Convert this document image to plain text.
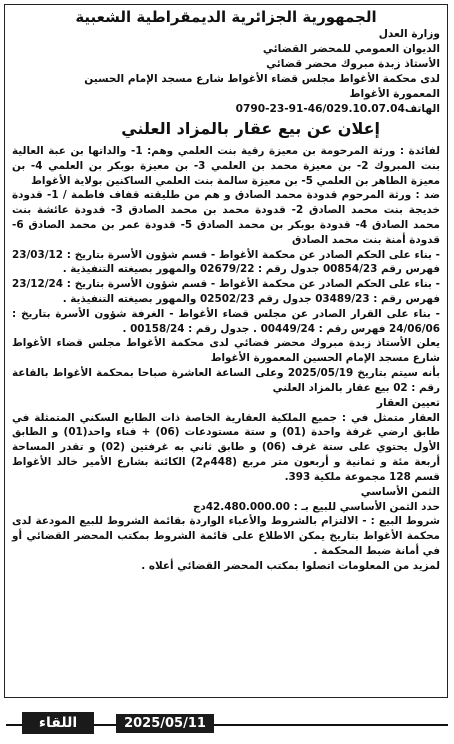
الجمهورية الجزائرية الديمقراطية الشعبية
وزارة العدل
الديوان العمومي للمحضر القضائي
الأستاذ زبدة مبروك محضر قضائي
لدى محكمة الأغواط مجلس قضاء الأغواط شارع مسجد الإمام الحسين
المعمورة الأغواط
الهاتف0790-23-91-46/029.10.07.04
إعلان عن بيع عقار بالمزاد العلني

لفائدة : ورثة المرحومة بن معيزة رقية بنت العلمي وهم: 1- والداتها بن عبة العالية بنت المبروك 2- بن معيزة محمد بن العلمي 3- بن معيزة بوبكر بن العلمي 4- بن معيزة الطاهر بن العلمي 5- بن معيزة سالمة بنت العلمي الساكنين بولاية الأغواط

ضد : ورثة المرحوم قدودة محمد الصادق و هم من طليقته قفاف فاطمة / 1- قدودة خديجة بنت محمد الصادق 2- قدودة محمد بن محمد الصادق 3- قدودة عائشة بنت محمد الصادق 4- قدودة بوبكر بن محمد الصادق 5- قدودة عمر بن محمد الصادق 6- قدودة أمنة بنت محمد الصادق

- بناء على الحكم الصادر عن محكمة الأغواط - قسم شؤون الأسرة بتاريخ : 23/03/12 فهرس رقم 00854/23 جدول رقم : 02679/22 والمهور بصيغته التنفيذية .

- بناء على الحكم الصادر عن محكمة الأغواط - قسم شؤون الأسرة بتاريخ : 23/12/24 فهرس رقم : 03489/23 جدول رقم 02502/23 والمهور بصيغته التنفيذية .

- بناء على القرار الصادر عن مجلس قضاء الأغواط - الغرفة شؤون الأسرة بتاريخ : 24/06/06 فهرس رقم : 00449/24 . جدول رقم : 00158/24 .

يعلن الأستاذ زبدة مبروك محضر قضائي لدى محكمة الأغواط مجلس قضاء الأغواط شارع مسجد الإمام الحسين المعمورة الأغواط

بأنه سيتم بتاريخ 2025/05/19 وعلى الساعة العاشرة صباحا بمحكمة الأغواط بالقاعة رقم : 02 بيع عقار بالمزاد العلني

تعيين العقار

العقار متمثل في : جميع الملكية العقارية الخاصة ذات الطابع السكني المتمثلة في طابق ارضي غرفة واحدة (01) و ستة مستودعات (06) + فناء واحد(01) و الطابق الأول يحتوي على ستة غرف (06) و طابق ثاني به غرفتين (02) و تقدر المساحة أربعة مئة و ثمانية و أربعون متر مربع (448م2) الكائنة بشارع الأمير خالد الأغواط قسم 128 مجموعة ملكية 393.

الثمن الأساسي

حدد الثمن الأساسي للبيع بـ : 42.480.000.00دج

شروط البيع : - الالتزام بالشروط والأعباء الواردة بقائمة الشروط للبيع المودعة لدى محكمة الأغواط بتاريخ يمكن الاطلاع على قائمة الشروط بمكتب المحضر القضائي أو في أمانة ضبط المحكمة .

لمزيد من المعلومات اتصلوا بمكتب المحضر القضائي أعلاه .

2025/05/11
اللقاء
